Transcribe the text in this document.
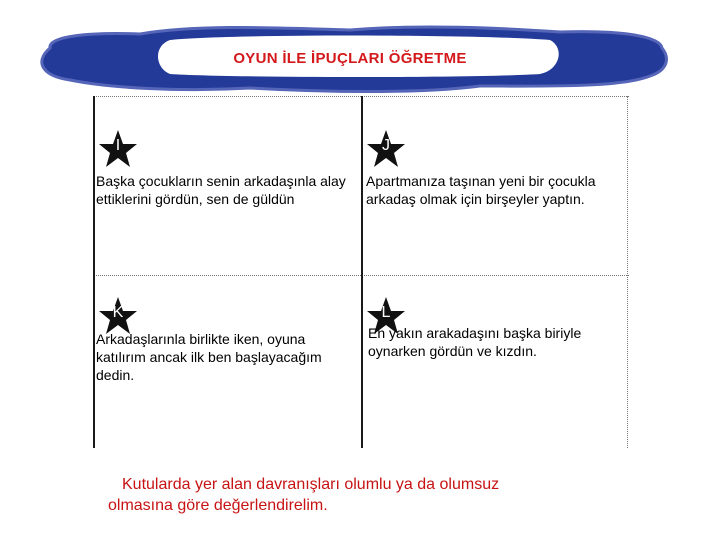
OYUN İLE İPUÇLARI ÖĞRETME
I
Başka çocukların senin arkadaşınla alay ettiklerini gördün, sen de güldün
J
Apartmanıza taşınan yeni bir çocukla arkadaş olmak için birşeyler yaptın.
K
Arkadaşlarınla birlikte iken, oyuna katılırım ancak ilk ben başlayacağım dedin.
L
En yakın arakadaşını başka biriyle oynarken gördün ve kızdın.
Kutularda yer alan davranışları olumlu ya da olumsuz
olmasına göre değerlendirelim.
